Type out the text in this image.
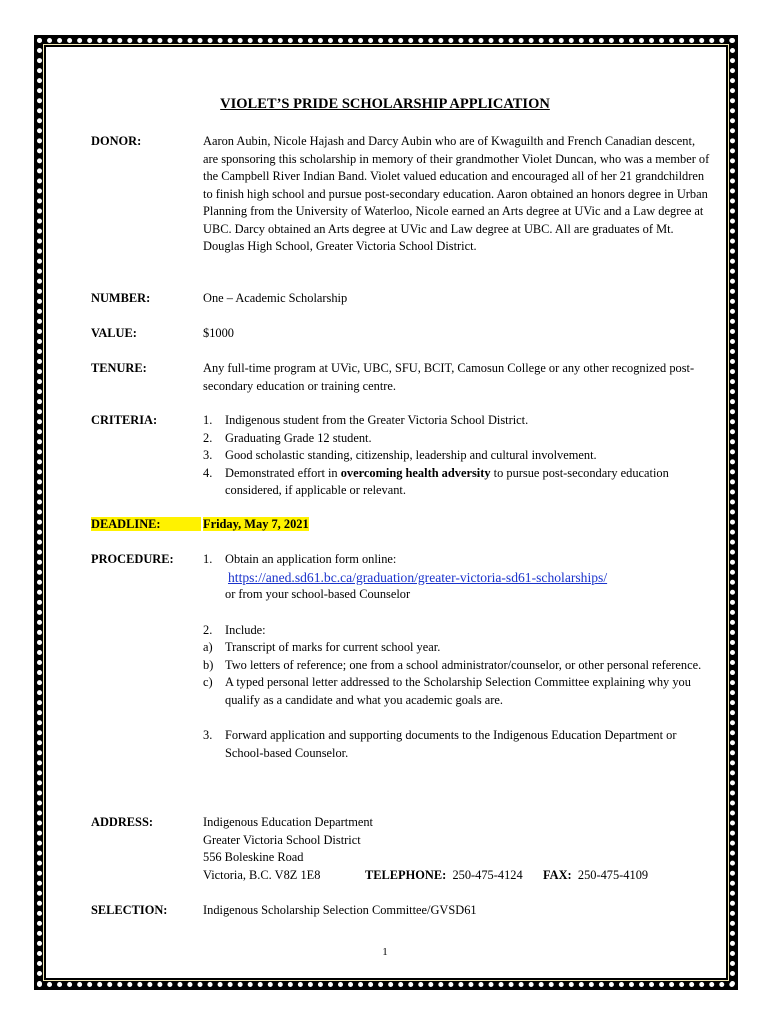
VIOLET’S PRIDE SCHOLARSHIP APPLICATION
DONOR:	Aaron Aubin, Nicole Hajash and Darcy Aubin who are of Kwaguilth and French Canadian descent, are sponsoring this scholarship in memory of their grandmother Violet Duncan, who was a member of the Campbell River Indian Band. Violet valued education and encouraged all of her 21 grandchildren to finish high school and pursue post-secondary education. Aaron obtained an honors degree in Urban Planning from the University of Waterloo, Nicole earned an Arts degree at UVic and a Law degree at UBC. Darcy obtained an Arts degree at UVic and Law degree at UBC. All are graduates of Mt. Douglas High School, Greater Victoria School District.
NUMBER:	One – Academic Scholarship
VALUE:	$1000
TENURE:	Any full-time program at UVic, UBC, SFU, BCIT, Camosun College or any other recognized post-secondary education or training centre.
CRITERIA:	1. Indigenous student from the Greater Victoria School District.
2. Graduating Grade 12 student.
3. Good scholastic standing, citizenship, leadership and cultural involvement.
4. Demonstrated effort in overcoming health adversity to pursue post-secondary education considered, if applicable or relevant.
DEADLINE:	Friday, May 7, 2021
PROCEDURE: 1. Obtain an application form online:
https://aned.sd61.bc.ca/graduation/greater-victoria-sd61-scholarships/
or from your school-based Counselor
2. Include:
a) Transcript of marks for current school year.
b) Two letters of reference; one from a school administrator/counselor, or other personal reference.
c) A typed personal letter addressed to the Scholarship Selection Committee explaining why you qualify as a candidate and what you academic goals are.
3. Forward application and supporting documents to the Indigenous Education Department or School-based Counselor.
ADDRESS:	Indigenous Education Department
Greater Victoria School District
556 Boleskine Road
Victoria, B.C. V8Z 1E8	TELEPHONE: 250-475-4124 FAX: 250-475-4109
SELECTION:	Indigenous Scholarship Selection Committee/GVSD61
1
